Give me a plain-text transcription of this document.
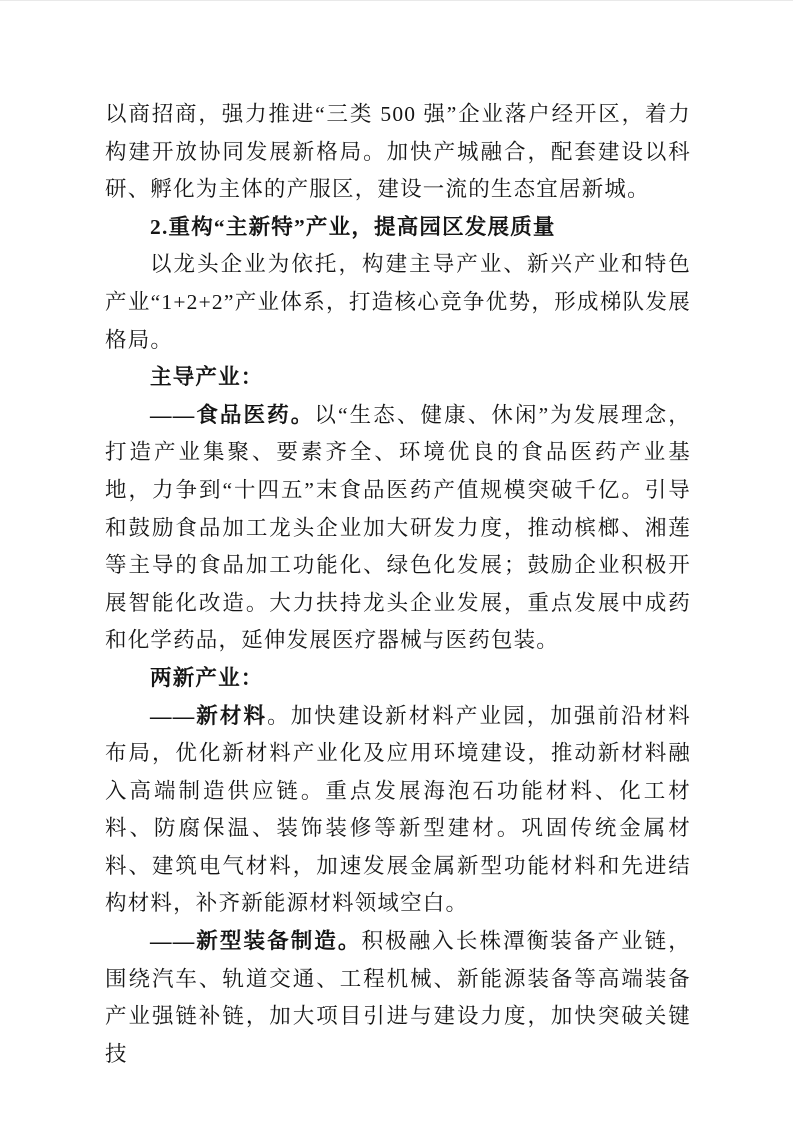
以商招商，强力推进“三类 500 强”企业落户经开区，着力构建开放协同发展新格局。加快产城融合，配套建设以科研、孵化为主体的产服区，建设一流的生态宜居新城。

2.重构“主新特”产业，提高园区发展质量

以龙头企业为依托，构建主导产业、新兴产业和特色产业“1+2+2”产业体系，打造核心竞争优势，形成梯队发展格局。

主导产业：

——食品医药。以“生态、健康、休闲”为发展理念，打造产业集聚、要素齐全、环境优良的食品医药产业基地，力争到“十四五”末食品医药产值规模突破千亿。引导和鼓励食品加工龙头企业加大研发力度，推动槟榔、湘莲等主导的食品加工功能化、绿色化发展；鼓励企业积极开展智能化改造。大力扶持龙头企业发展，重点发展中成药和化学药品，延伸发展医疗器械与医药包装。

两新产业：

——新材料。加快建设新材料产业园，加强前沿材料布局，优化新材料产业化及应用环境建设，推动新材料融入高端制造供应链。重点发展海泡石功能材料、化工材料、防腐保温、装饰装修等新型建材。巩固传统金属材料、建筑电气材料，加速发展金属新型功能材料和先进结构材料，补齐新能源材料领域空白。

——新型装备制造。积极融入长株潭衡装备产业链，围绕汽车、轨道交通、工程机械、新能源装备等高端装备产业强链补链，加大项目引进与建设力度，加快突破关键技
